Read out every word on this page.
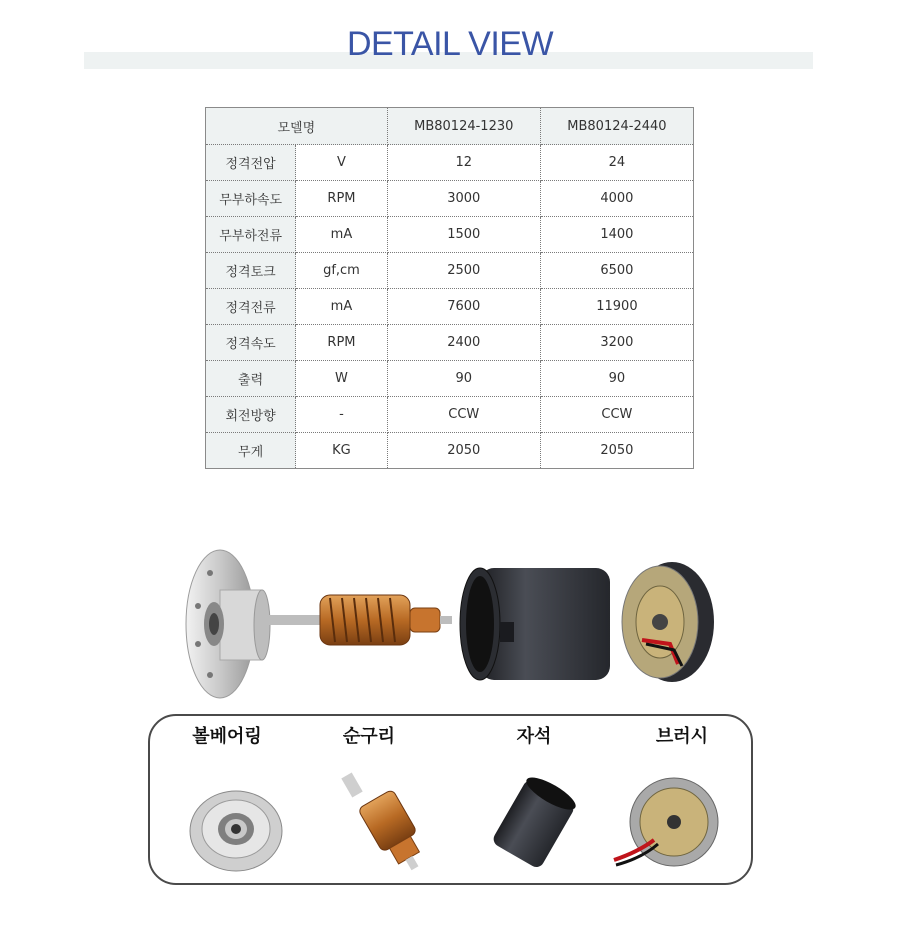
DETAIL VIEW
모델명		MB80124-1230	MB80124-2440
정격전압	V	12	24
무부하속도	RPM	3000	4000
무부하전류	mA	1500	1400
정격토크	gf,cm	2500	6500
정격전류	mA	7600	11900
정격속도	RPM	2400	3200
출력	W	90	90
회전방향	-	CCW	CCW
무게	KG	2050	2050
볼베어링	순구리	자석	브러시
